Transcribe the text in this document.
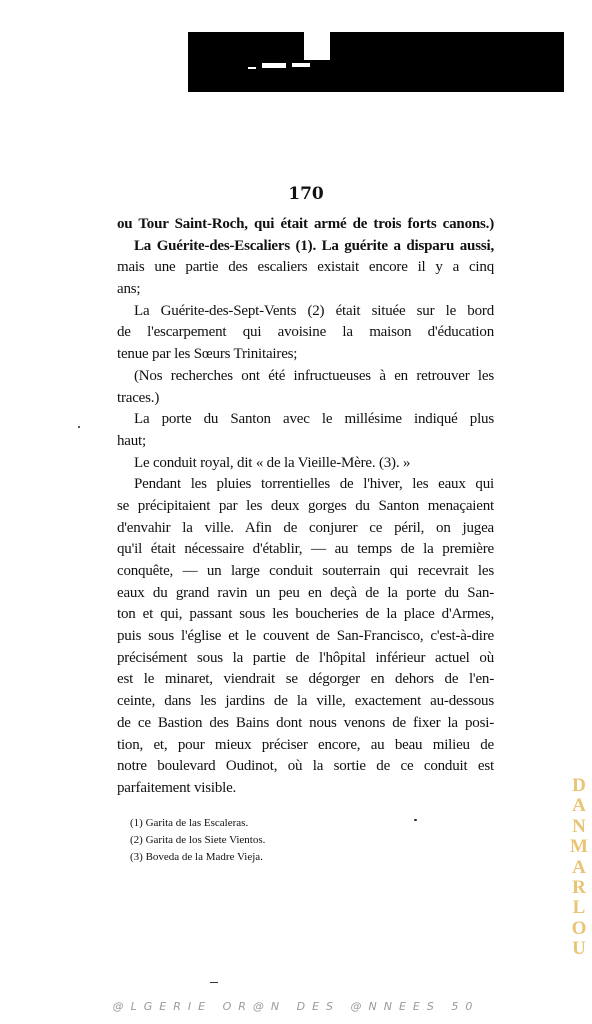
170
ou Tour Saint-Roch, qui était armé de trois forts canons.)
La Guérite-des-Escaliers (1). La guérite a disparu aussi,
mais une partie des escaliers existait encore il y a cinq
ans;
La Guérite-des-Sept-Vents (2) était située sur le bord
de l'escarpement qui avoisine la maison d'éducation
tenue par les Sœurs Trinitaires;
(Nos recherches ont été infructueuses à en retrouver les
traces.)
La porte du Santon avec le millésime indiqué plus
haut;
Le conduit royal, dit « de la Vieille-Mère. (3). »
Pendant les pluies torrentielles de l'hiver, les eaux qui
se précipitaient par les deux gorges du Santon menaçaient
d'envahir la ville. Afin de conjurer ce péril, on jugea
qu'il était nécessaire d'établir, — au temps de la première
conquête, — un large conduit souterrain qui recevrait les
eaux du grand ravin un peu en deçà de la porte du San-
ton et qui, passant sous les boucheries de la place d'Armes,
puis sous l'église et le couvent de San-Francisco, c'est-à-dire
précisément sous la partie de l'hôpital inférieur actuel où
est le minaret, viendrait se dégorger en dehors de l'en-
ceinte, dans les jardins de la ville, exactement au-dessous
de ce Bastion des Bains dont nous venons de fixer la posi-
tion, et, pour mieux préciser encore, au beau milieu de
notre boulevard Oudinot, où la sortie de ce conduit est
parfaitement visible.
(1) Garita de las Escaleras.
(2) Garita de los Siete Vientos.
(3) Boveda de la Madre Vieja.
D
A
N
M
A
R
L
O
U
@LGERIE OR@N DES @NNEES 50
